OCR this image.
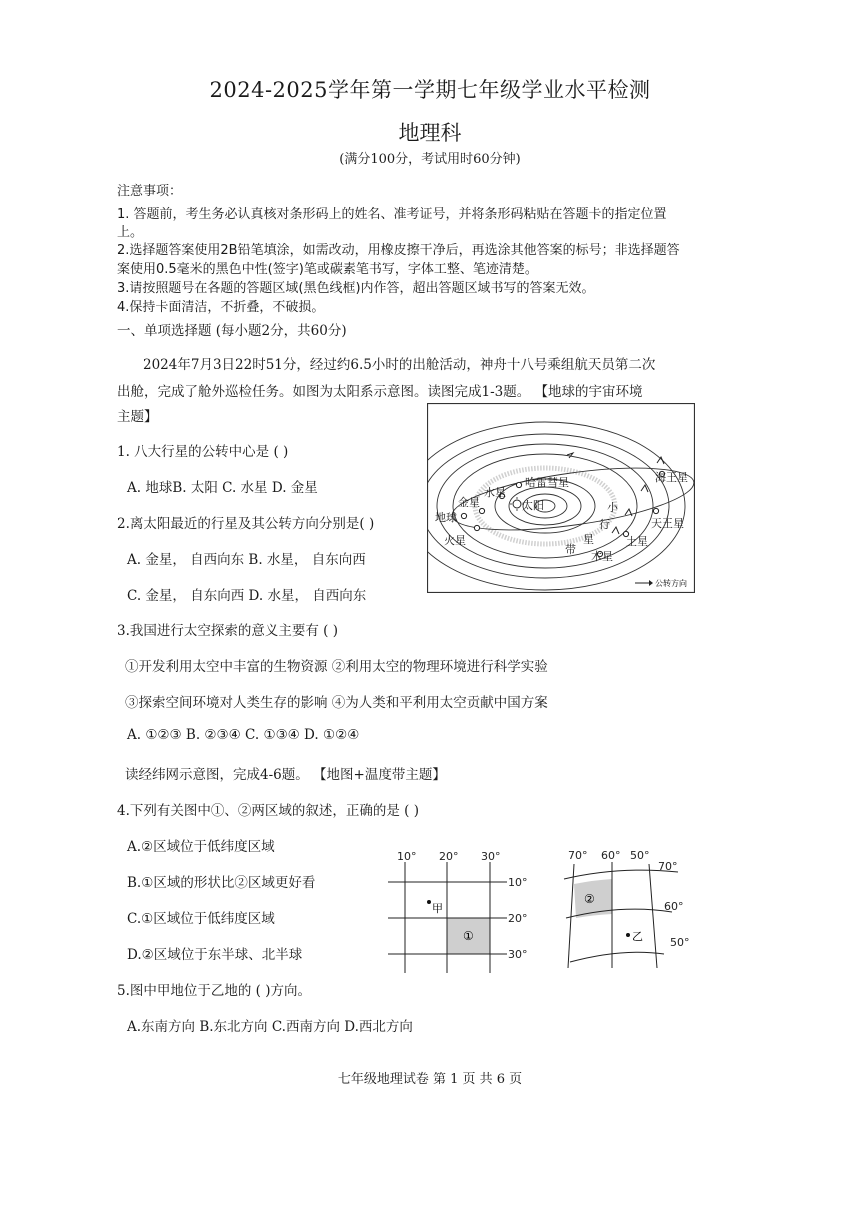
2024-2025学年第一学期七年级学业水平检测
地理科
(满分100分，考试用时60分钟)
注意事项：
1. 答题前，考生务必认真核对条形码上的姓名、准考证号，并将条形码粘贴在答题卡的指定位置
上。
2.选择题答案使用2B铅笔填涂，如需改动，用橡皮擦干净后，再选涂其他答案的标号；非选择题答
案使用0.5毫米的黑色中性(签字)笔或碳素笔书写，字体工整、笔迹清楚。
3.请按照题号在各题的答题区域(黑色线框)内作答，超出答题区域书写的答案无效。
4.保持卡面清洁，不折叠，不破损。
一、单项选择题 (每小题2分，共60分)
2024年7月3日22时51分，经过约6.5小时的出舱活动，神舟十八号乘组航天员第二次
出舱，完成了舱外巡检任务。如图为太阳系示意图。读图完成1-3题。 【地球的宇宙环境
主题】
1. 八大行星的公转中心是 ( )
A. 地球B. 太阳 C. 水星 D. 金星
2.离太阳最近的行星及其公转方向分别是( )
A. 金星， 自西向东 B. 水星， 自东向西
C. 金星， 自东向西 D. 水星， 自西向东
3.我国进行太空探索的意义主要有 ( )
①开发利用太空中丰富的生物资源 ②利用太空的物理环境进行科学实验
③探索空间环境对人类生存的影响 ④为人类和平利用太空贡献中国方案
A. ①②③ B. ②③④ C. ①③④ D. ①②④
读经纬网示意图，完成4-6题。 【地图+温度带主题】
4.下列有关图中①、②两区域的叙述，正确的是 ( )
A.②区域位于低纬度区域
B.①区域的形状比②区域更好看
C.①区域位于低纬度区域
D.②区域位于东半球、北半球
5.图中甲地位于乙地的 ( )方向。
A.东南方向 B.东北方向 C.西南方向 D.西北方向
七年级地理试卷 第 1 页 共 6 页
太阳
水星
金星
地球
火星
木星
土星
天王星
海王星
哈雷彗星
小
行
星
带
公转方向
10° 20° 30°
10°
20°
30°
甲
①
70° 60° 50°
70°
60°
50°
②
乙
